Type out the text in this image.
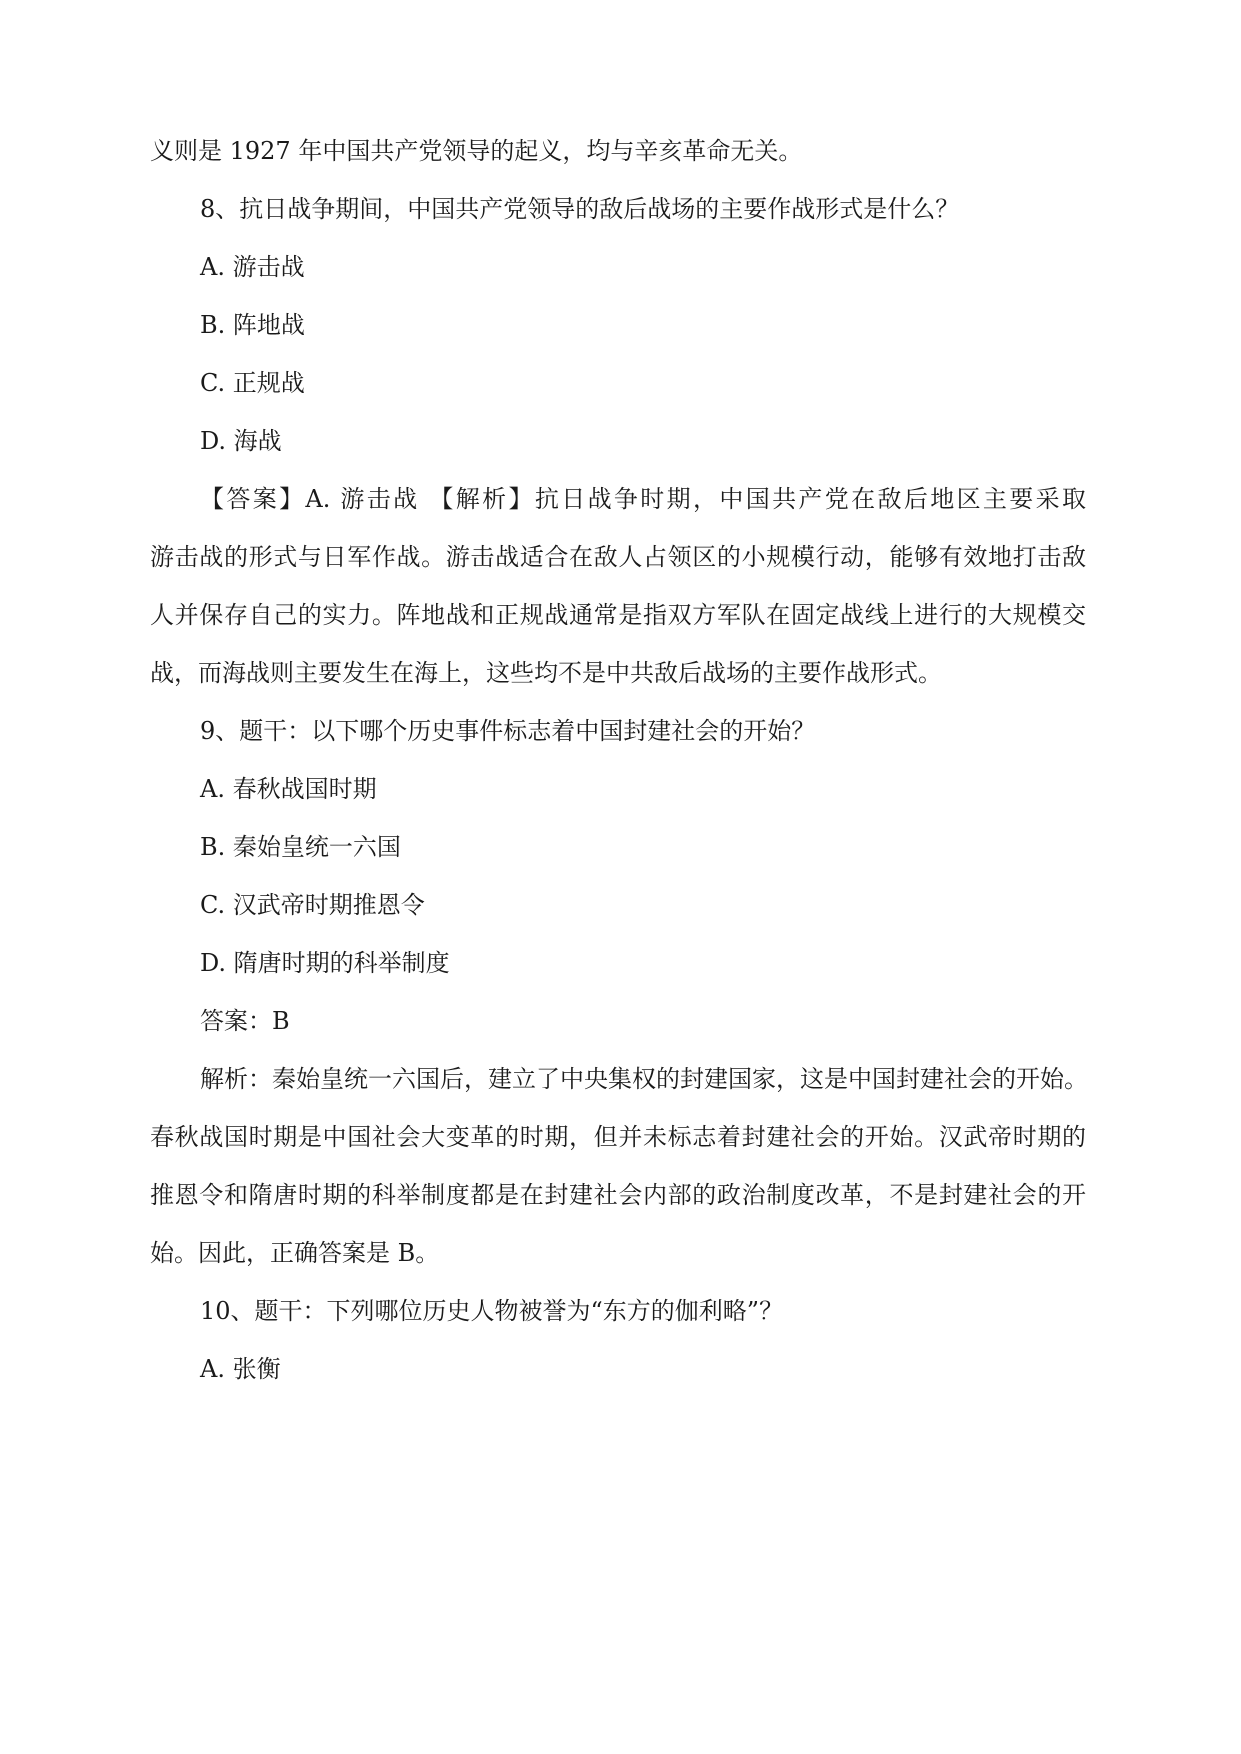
义则是 1927 年中国共产党领导的起义，均与辛亥革命无关。
8、抗日战争期间，中国共产党领导的敌后战场的主要作战形式是什么？
A. 游击战
B. 阵地战
C. 正规战
D. 海战
【答案】A. 游击战 【解析】抗日战争时期，中国共产党在敌后地区主要采取
游击战的形式与日军作战。游击战适合在敌人占领区的小规模行动，能够有效地打击敌
人并保存自己的实力。阵地战和正规战通常是指双方军队在固定战线上进行的大规模交
战，而海战则主要发生在海上，这些均不是中共敌后战场的主要作战形式。
9、题干：以下哪个历史事件标志着中国封建社会的开始？
A. 春秋战国时期
B. 秦始皇统一六国
C. 汉武帝时期推恩令
D. 隋唐时期的科举制度
答案：B
解析：秦始皇统一六国后，建立了中央集权的封建国家，这是中国封建社会的开始。
春秋战国时期是中国社会大变革的时期，但并未标志着封建社会的开始。汉武帝时期的
推恩令和隋唐时期的科举制度都是在封建社会内部的政治制度改革，不是封建社会的开
始。因此，正确答案是 B。
10、题干：下列哪位历史人物被誉为“东方的伽利略”？
A. 张衡
